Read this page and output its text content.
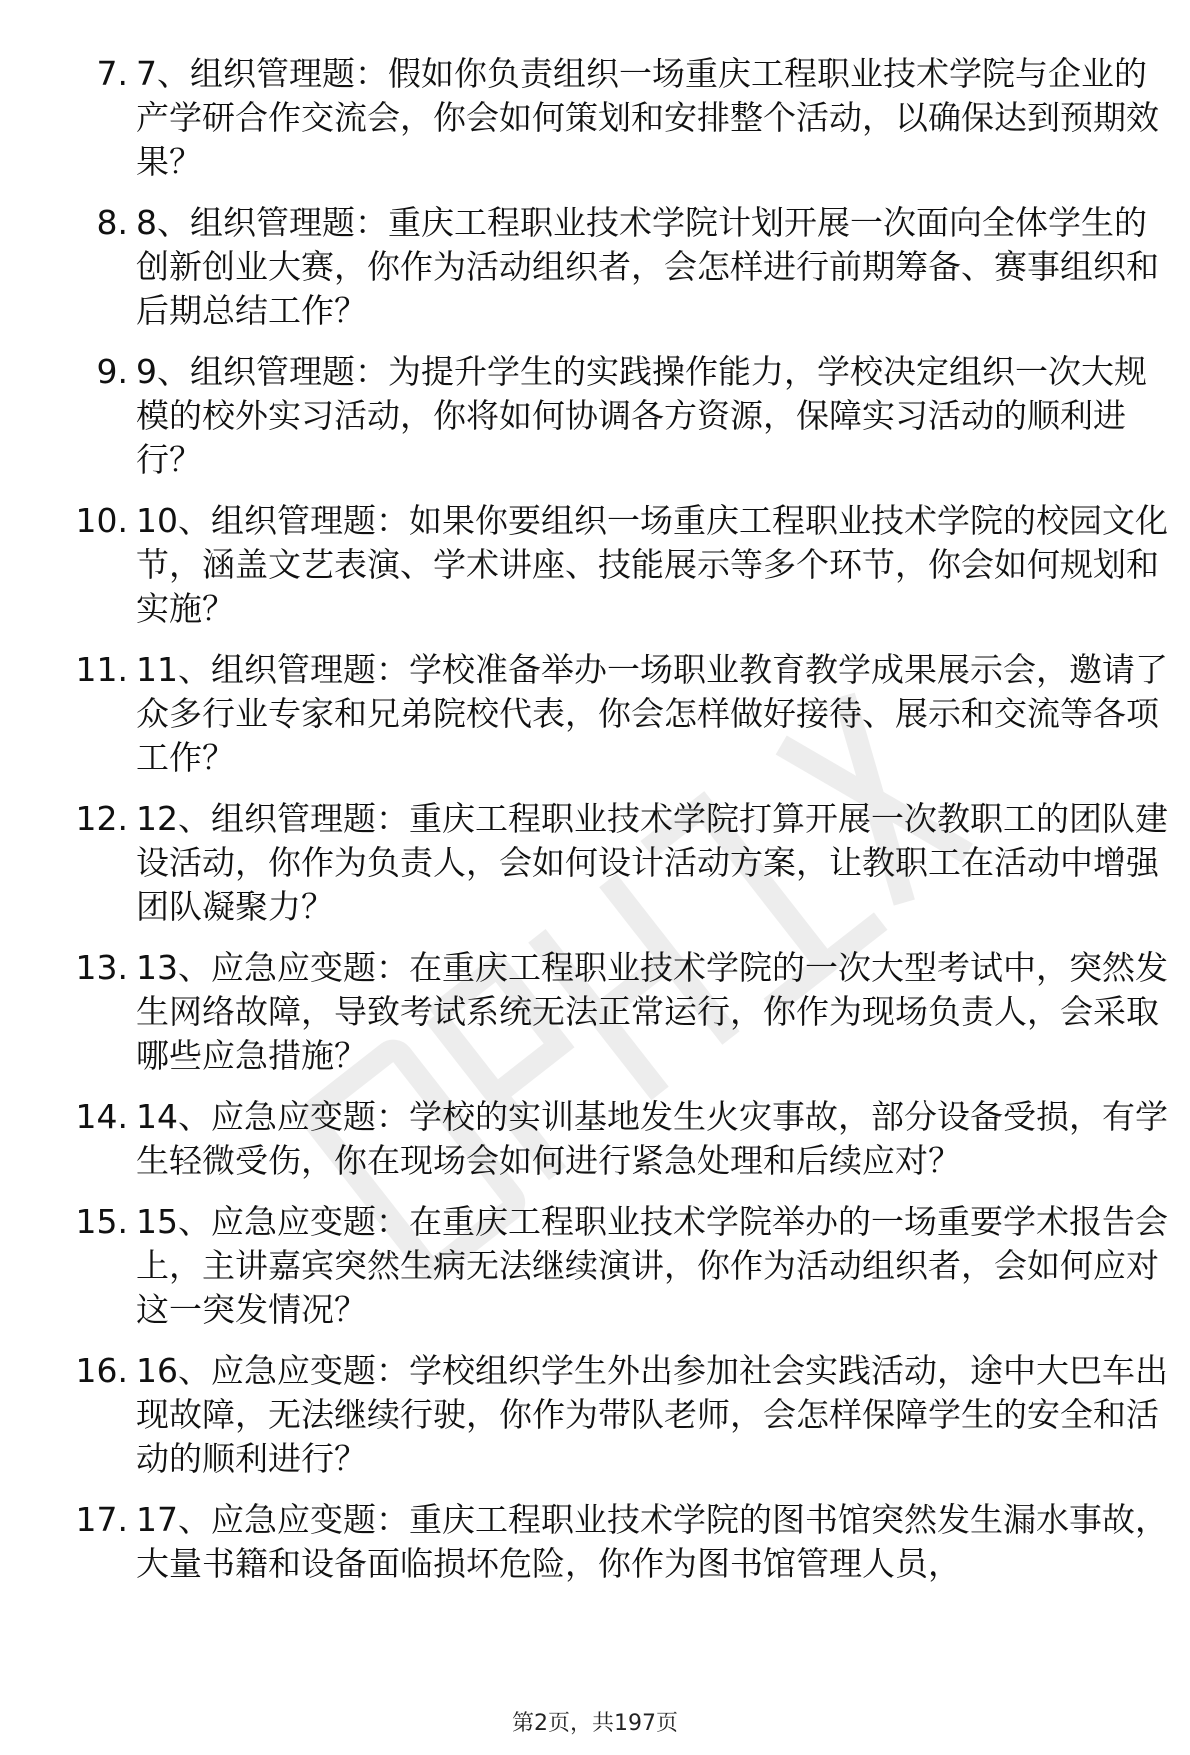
7. 7、组织管理题：假如你负责组织一场重庆工程职业技术学院与企业的产学研合作交流会，你会如何策划和安排整个活动，以确保达到预期效果？
8. 8、组织管理题：重庆工程职业技术学院计划开展一次面向全体学生的创新创业大赛，你作为活动组织者，会怎样进行前期筹备、赛事组织和后期总结工作？
9. 9、组织管理题：为提升学生的实践操作能力，学校决定组织一次大规模的校外实习活动，你将如何协调各方资源，保障实习活动的顺利进行？
10. 10、组织管理题：如果你要组织一场重庆工程职业技术学院的校园文化节，涵盖文艺表演、学术讲座、技能展示等多个环节，你会如何规划和实施？
11. 11、组织管理题：学校准备举办一场职业教育教学成果展示会，邀请了众多行业专家和兄弟院校代表，你会怎样做好接待、展示和交流等各项工作？
12. 12、组织管理题：重庆工程职业技术学院打算开展一次教职工的团队建设活动，你作为负责人，会如何设计活动方案，让教职工在活动中增强团队凝聚力？
13. 13、应急应变题：在重庆工程职业技术学院的一次大型考试中，突然发生网络故障，导致考试系统无法正常运行，你作为现场负责人，会采取哪些应急措施？
14. 14、应急应变题：学校的实训基地发生火灾事故，部分设备受损，有学生轻微受伤，你在现场会如何进行紧急处理和后续应对？
15. 15、应急应变题：在重庆工程职业技术学院举办的一场重要学术报告会上，主讲嘉宾突然生病无法继续演讲，你作为活动组织者，会如何应对这一突发情况？
16. 16、应急应变题：学校组织学生外出参加社会实践活动，途中大巴车出现故障，无法继续行驶，你作为带队老师，会怎样保障学生的安全和活动的顺利进行？
17. 17、应急应变题：重庆工程职业技术学院的图书馆突然发生漏水事故，大量书籍和设备面临损坏危险，你作为图书馆管理人员，
第2页，共197页
